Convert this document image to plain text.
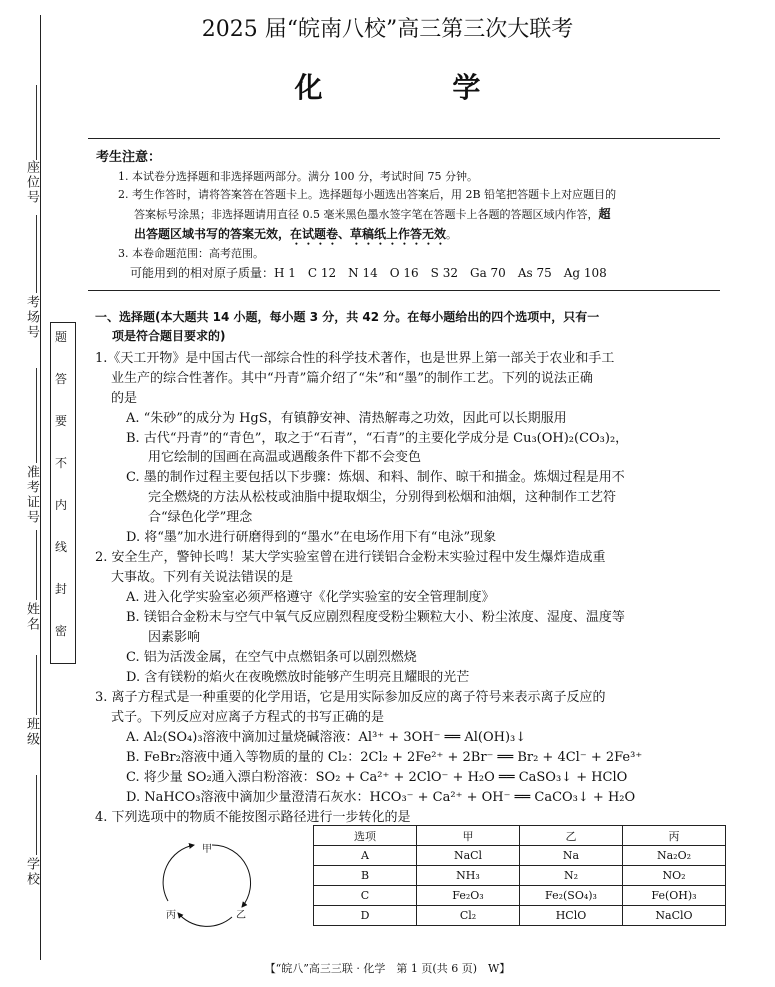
座位号
考场号
准考证号
姓名
班级
学校
题
答
要
不
内
线
封
密
2025 届“皖南八校”高三第三次大联考
化 学
考生注意：
1. 本试卷分选择题和非选择题两部分。满分 100 分，考试时间 75 分钟。
2. 考生作答时，请将答案答在答题卡上。选择题每小题选出答案后，用 2B 铅笔把答题卡上对应题目的
答案标号涂黑；非选择题请用直径 0.5 毫米黑色墨水签字笔在答题卡上各题的答题区域内作答，超
出答题区域书写的答案无效，在试题卷、草稿纸上作答无效。
3. 本卷命题范围：高考范围。
可能用到的相对原子质量：H 1　C 12　N 14　O 16　S 32　Ga 70　As 75　Ag 108
一、选择题(本大题共 14 小题，每小题 3 分，共 42 分。在每小题给出的四个选项中，只有一
项是符合题目要求的)
1.《天工开物》是中国古代一部综合性的科学技术著作，也是世界上第一部关于农业和手工
业生产的综合性著作。其中“丹青”篇介绍了“朱”和“墨”的制作工艺。下列的说法正确
的是
A. “朱砂”的成分为 HgS，有镇静安神、清热解毒之功效，因此可以长期服用
B. 古代“丹青”的“青色”，取之于“石青”，“石青”的主要化学成分是 Cu₃(OH)₂(CO₃)₂，
用它绘制的国画在高温或遇酸条件下都不会变色
C. 墨的制作过程主要包括以下步骤：炼烟、和料、制作、晾干和描金。炼烟过程是用不
完全燃烧的方法从松枝或油脂中提取烟尘，分别得到松烟和油烟，这种制作工艺符
合“绿色化学”理念
D. 将“墨”加水进行研磨得到的“墨水”在电场作用下有“电泳”现象
2. 安全生产，警钟长鸣！某大学实验室曾在进行镁铝合金粉末实验过程中发生爆炸造成重
大事故。下列有关说法错误的是
A. 进入化学实验室必须严格遵守《化学实验室的安全管理制度》
B. 镁铝合金粉末与空气中氧气反应剧烈程度受粉尘颗粒大小、粉尘浓度、湿度、温度等
因素影响
C. 铝为活泼金属，在空气中点燃铝条可以剧烈燃烧
D. 含有镁粉的焰火在夜晚燃放时能够产生明亮且耀眼的光芒
3. 离子方程式是一种重要的化学用语，它是用实际参加反应的离子符号来表示离子反应的
式子。下列反应对应离子方程式的书写正确的是
A. Al₂(SO₄)₃溶液中滴加过量烧碱溶液：Al³⁺ + 3OH⁻ ══ Al(OH)₃↓
B. FeBr₂溶液中通入等物质的量的 Cl₂：2Cl₂ + 2Fe²⁺ + 2Br⁻ ══ Br₂ + 4Cl⁻ + 2Fe³⁺
C. 将少量 SO₂通入漂白粉溶液：SO₂ + Ca²⁺ + 2ClO⁻ + H₂O ══ CaSO₃↓ + HClO
D. NaHCO₃溶液中滴加少量澄清石灰水：HCO₃⁻ + Ca²⁺ + OH⁻ ══ CaCO₃↓ + H₂O
4. 下列选项中的物质不能按图示路径进行一步转化的是
甲
乙
丙
选项	甲	乙	丙
A	NaCl	Na	Na₂O₂
B	NH₃	N₂	NO₂
C	Fe₂O₃	Fe₂(SO₄)₃	Fe(OH)₃
D	Cl₂	HClO	NaClO
【“皖八”高三三联 · 化学　第 1 页(共 6 页)　W】
